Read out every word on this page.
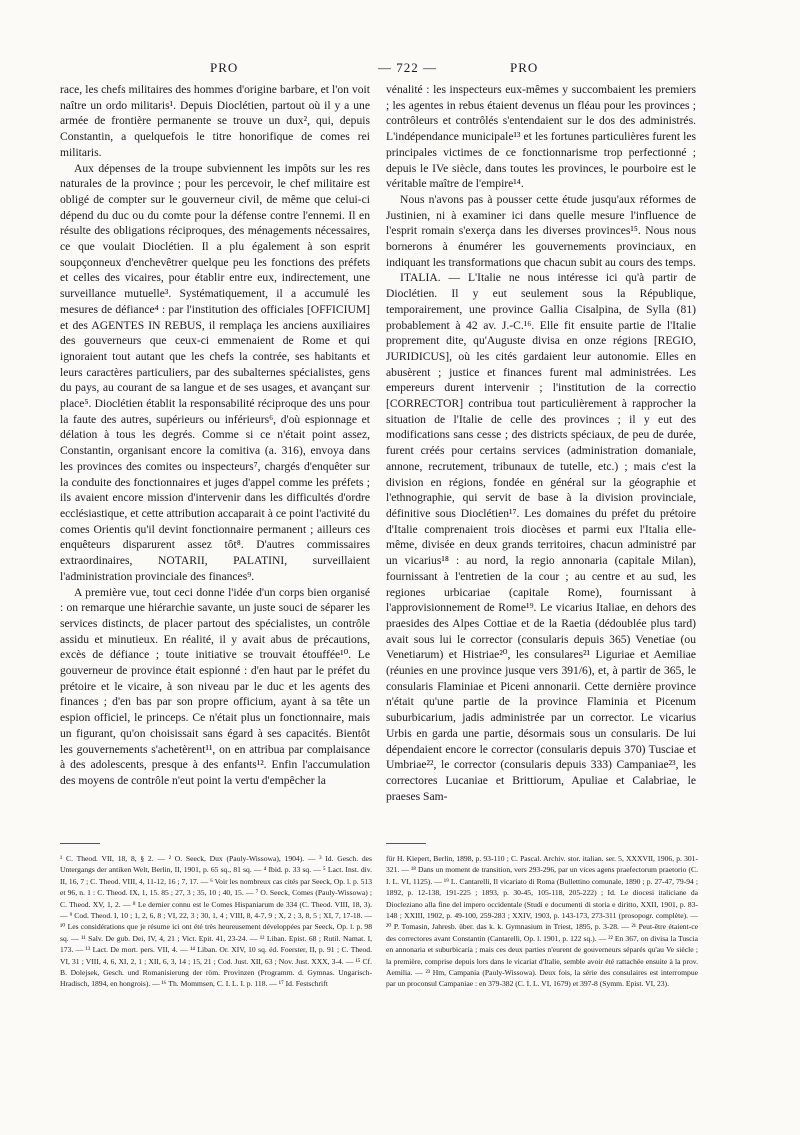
PRO	— 722 —	PRO

race, les chefs militaires des hommes d'origine barbare, et l'on voit naître un ordo militaris¹. Depuis Dioclétien, partout où il y a une armée de frontière permanente se trouve un dux², qui, depuis Constantin, a quelquefois le titre honorifique de comes rei militaris.

Aux dépenses de la troupe subviennent les impôts sur les res naturales de la province ; pour les percevoir, le chef militaire est obligé de compter sur le gouverneur civil, de même que celui-ci dépend du duc ou du comte pour la défense contre l'ennemi. Il en résulte des obligations réciproques, des ménagements nécessaires, ce que voulait Dioclétien. Il a plu également à son esprit soupçonneux d'enchevêtrer quelque peu les fonctions des préfets et celles des vicaires, pour établir entre eux, indirectement, une surveillance mutuelle³. Systématiquement, il a accumulé les mesures de défiance⁴ : par l'institution des officiales [OFFICIUM] et des AGENTES IN REBUS, il remplaça les anciens auxiliaires des gouverneurs que ceux-ci emmenaient de Rome et qui ignoraient tout autant que les chefs la contrée, ses habitants et leurs caractères particuliers, par des subalternes spécialistes, gens du pays, au courant de sa langue et de ses usages, et avançant sur place⁵. Dioclétien établit la responsabilité réciproque des uns pour la faute des autres, supérieurs ou inférieurs⁶, d'où espionnage et délation à tous les degrés. Comme si ce n'était point assez, Constantin, organisant encore la comitiva (a. 316), envoya dans les provinces des comites ou inspecteurs⁷, chargés d'enquêter sur la conduite des fonctionnaires et juges d'appel comme les préfets ; ils avaient encore mission d'intervenir dans les difficultés d'ordre ecclésiastique, et cette attribution accaparait à ce point l'activité du comes Orientis qu'il devint fonctionnaire permanent ; ailleurs ces enquêteurs disparurent assez tôt⁸. D'autres commissaires extraordinaires, NOTARII, PALATINI, surveillaient l'administration provinciale des finances⁹.

A première vue, tout ceci donne l'idée d'un corps bien organisé : on remarque une hiérarchie savante, un juste souci de séparer les services distincts, de placer partout des spécialistes, un contrôle assidu et minutieux. En réalité, il y avait abus de précautions, excès de défiance ; toute initiative se trouvait étouffée¹⁰. Le gouverneur de province était espionné : d'en haut par le préfet du prétoire et le vicaire, à son niveau par le duc et les agents des finances ; d'en bas par son propre officium, ayant à sa tête un espion officiel, le princeps. Ce n'était plus un fonctionnaire, mais un figurant, qu'on choisissait sans égard à ses capacités. Bientôt les gouvernements s'achetèrent¹¹, on en attribua par complaisance à des adolescents, presque à des enfants¹². Enfin l'accumulation des moyens de contrôle n'eut point la vertu d'empêcher la

vénalité : les inspecteurs eux-mêmes y succombaient les premiers ; les agentes in rebus étaient devenus un fléau pour les provinces ; contrôleurs et contrôlés s'entendaient sur le dos des administrés. L'indépendance municipale¹³ et les fortunes particulières furent les principales victimes de ce fonctionnarisme trop perfectionné ; depuis le IVe siècle, dans toutes les provinces, le pourboire est le véritable maître de l'empire¹⁴.

Nous n'avons pas à pousser cette étude jusqu'aux réformes de Justinien, ni à examiner ici dans quelle mesure l'influence de l'esprit romain s'exerça dans les diverses provinces¹⁵. Nous nous bornerons à énumérer les gouvernements provinciaux, en indiquant les transformations que chacun subit au cours des temps.

ITALIA. — L'Italie ne nous intéresse ici qu'à partir de Dioclétien. Il y eut seulement sous la République, temporairement, une province Gallia Cisalpina, de Sylla (81) probablement à 42 av. J.-C.¹⁶. Elle fit ensuite partie de l'Italie proprement dite, qu'Auguste divisa en onze régions [REGIO, JURIDICUS], où les cités gardaient leur autonomie. Elles en abusèrent ; justice et finances furent mal administrées. Les empereurs durent intervenir ; l'institution de la correctio [CORRECTOR] contribua tout particulièrement à rapprocher la situation de l'Italie de celle des provinces ; il y eut des modifications sans cesse ; des districts spéciaux, de peu de durée, furent créés pour certains services (administration domaniale, annone, recrutement, tribunaux de tutelle, etc.) ; mais c'est la division en régions, fondée en général sur la géographie et l'ethnographie, qui servit de base à la division provinciale, définitive sous Dioclétien¹⁷. Les domaines du préfet du prétoire d'Italie comprenaient trois diocèses et parmi eux l'Italia elle-même, divisée en deux grands territoires, chacun administré par un vicarius¹⁸ : au nord, la regio annonaria (capitale Milan), fournissant à l'entretien de la cour ; au centre et au sud, les regiones urbicariae (capitale Rome), fournissant à l'approvisionnement de Rome¹⁹. Le vicarius Italiae, en dehors des praesides des Alpes Cottiae et de la Raetia (dédoublée plus tard) avait sous lui le corrector (consularis depuis 365) Venetiae (ou Venetiarum) et Histriae²⁰, les consulares²¹ Liguriae et Aemiliae (réunies en une province jusque vers 391/6), et, à partir de 365, le consularis Flaminiae et Piceni annonarii. Cette dernière province n'était qu'une partie de la province Flaminia et Picenum suburbicarium, jadis administrée par un corrector. Le vicarius Urbis en garda une partie, désormais sous un consularis. De lui dépendaient encore le corrector (consularis depuis 370) Tusciae et Umbriae²², le corrector (consularis depuis 333) Campaniae²³, les correctores Lucaniae et Brittiorum, Apuliae et Calabriae, le praeses Sam-

¹ C. Theod. VII, 18, 8, § 2. — ² O. Seeck, Dux (Pauly-Wissowa), 1904). — ³ Id. Gesch. des Untergangs der antiken Welt, Berlin, II, 1901, p. 65 sq., 81 sq. — ⁴ Ibid. p. 33 sq. — ⁵ Lact. Inst. div. II, 16, 7 ; C. Theod. VIII, 4, 11-12, 16 ; 7, 17. — ⁶ Voir les nombreux cas cités par Seeck, Op. l. p. 513 et 96, n. 1 : C. Theod. IX, 1, 15. 85 ; 27, 3 ; 35, 10 ; 40, 15. — ⁷ O. Seeck, Comes (Pauly-Wissowa) ; C. Theod. XV, 1, 2. — ⁸ Le dernier connu est le Comes Hispaniarum de 334 (C. Theod. VIII, 18, 3). — ⁹ Cod. Theod. I, 10 ; 1, 2, 6, 8 ; VI, 22, 3 ; 30, 1, 4 ; VIII, 8, 4-7, 9 ; X, 2 ; 3, 8, 5 ; XI, 7, 17-18. — ¹⁰ Les considérations que je résume ici ont été très heureusement développées par Seeck, Op. l. p. 98 sq. — ¹¹ Salv. De gub. Dei, IV, 4, 21 ; Vict. Epit. 41, 23-24. — ¹² Liban. Epist. 68 ; Rutil. Namat. I, 173. — ¹³ Lact. De mort. pers. VII, 4. — ¹⁴ Liban. Or. XIV, 10 sq. éd. Foerster, II, p. 91 ; C. Theod. VI, 31 ; VIII, 4, 6, XI, 2, 1 ; XII, 6, 3, 14 ; 15, 21 ; Cod. Just. XII, 63 ; Nov. Just. XXX, 3-4. — ¹⁵ Cf. B. Dolejsek, Gesch. und Romanisierung der röm. Provinzen (Programm. d. Gymnas. Ungarisch-Hradisch, 1894, en hongrois). — ¹⁶ Th. Mommsen, C. I. L. I. p. 118. — ¹⁷ Id. Festschrift

für H. Kiepert, Berlin, 1898, p. 93-110 ; C. Pascal. Archiv. stor. italian. ser. 5, XXXVII, 1906, p. 301-321. — ¹⁸ Dans un moment de transition, vers 293-296, par un vices agens praefectorum praetorio (C. I. L. VI, 1125). — ¹⁹ L. Cantarelli, Il vicariato di Roma (Bullettino comunale, 1890 ; p. 27-47, 79-94 ; 1892, p. 12-138, 191-225 ; 1893, p. 30-45, 105-118, 205-222) ; Id. Le diocesi italiciane da Diocleziano alla fine del impero occidentale (Studi e documenti di storia e diritto, XXII, 1901, p. 83-148 ; XXIII, 1902, p. 49-100, 259-283 ; XXIV, 1903, p. 143-173, 273-311 (prosopogr. complète). — ²⁰ P. Tomasin, Jahresb. über. das k. k. Gymnasium in Triest, 1895, p. 3-28. — ²¹ Peut-être étaient-ce des correctores avant Constantin (Cantarelli, Op. l. 1901, p. 122 sq.). — ²² En 367, on divisa la Tuscia en annonaria et suburbicaria ; mais ces deux parties n'eurent de gouverneurs séparés qu'au Ve siècle ; la première, comprise depuis lors dans le vicariat d'Italie, semble avoir été rattachée ensuite à la prov. Aemilia. — ²³ Hm, Campania (Pauly-Wissowa). Deux fois, la série des consulaires est interrompue par un proconsul Campaniae : en 379-382 (C. I. L. VI, 1679) et 397-8 (Symm. Epist. VI, 23).
